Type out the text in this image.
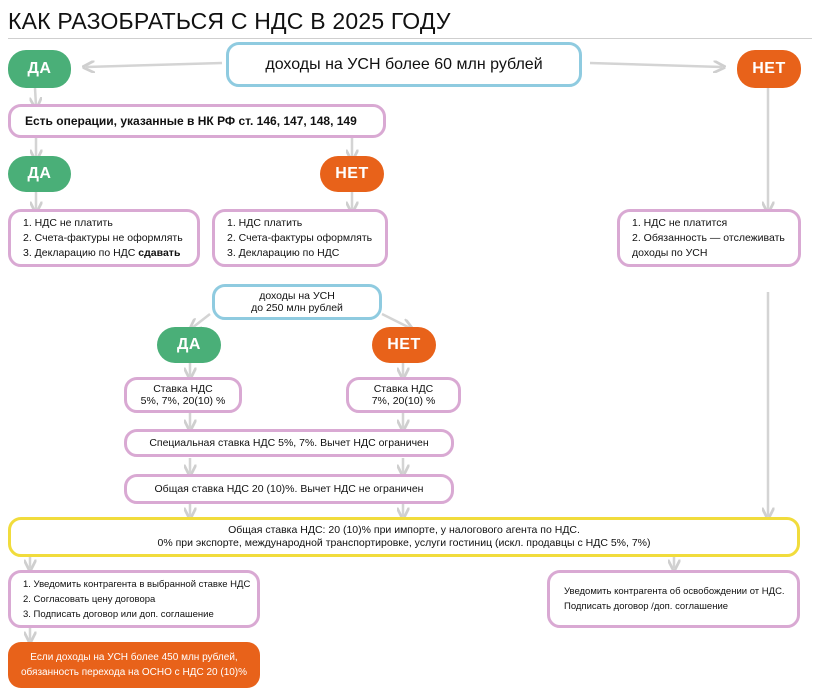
КАК РАЗОБРАТЬСЯ С НДС В 2025 ГОДУ
доходы на УСН более 60 млн рублей
ДА	НЕТ
Есть операции, указанные в НК РФ ст. 146, 147, 148, 149
ДА	НЕТ
1. НДС не платить
2. Счета-фактуры не оформлять
3. Декларацию по НДС сдавать
1. НДС платить
2. Счета-фактуры оформлять
3. Декларацию по НДС
1. НДС не платится
2. Обязанность — отслеживать
доходы по УСН
доходы на УСН
до 250 млн рублей
ДА	НЕТ
Ставка НДС
5%, 7%, 20(10) %
Ставка НДС
7%, 20(10) %
Специальная ставка НДС 5%, 7%. Вычет НДС ограничен
Общая ставка НДС 20 (10)%. Вычет НДС не ограничен
Общая ставка НДС: 20 (10)% при импорте, у налогового агента по НДС.
0% при экспорте, международной транспортировке, услуги гостиниц (искл. продавцы с НДС 5%, 7%)
1. Уведомить контрагента в выбранной ставке НДС
2. Согласовать цену договора
3. Подписать договор или доп. соглашение
Уведомить контрагента об освобождении от НДС.
Подписать договор /доп. соглашение
Если доходы на УСН более 450 млн рублей,
обязанность перехода на ОСНО с НДС 20 (10)%
